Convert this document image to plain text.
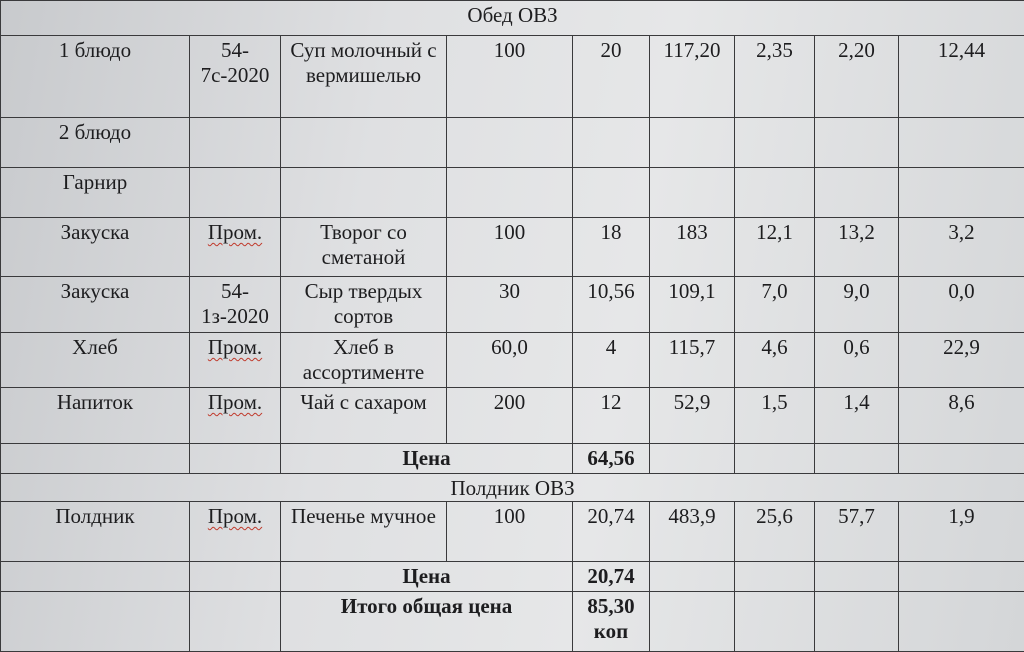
Обед ОВЗ								
1 блюдо	54-7с-2020	Суп молочный с вермишелью	100	20	117,20	2,35	2,20	12,44
2 блюдо								
Гарнир								
Закуска	Пром.	Творог со сметаной	100	18	183	12,1	13,2	3,2
Закуска	54-1з-2020	Сыр твердых сортов	30	10,56	109,1	7,0	9,0	0,0
Хлеб	Пром.	Хлеб в ассортименте	60,0	4	115,7	4,6	0,6	22,9
Напиток	Пром.	Чай с сахаром	200	12	52,9	1,5	1,4	8,6
		Цена		64,56				
Полдник ОВЗ								
Полдник	Пром.	Печенье мучное	100	20,74	483,9	25,6	57,7	1,9
		Цена		20,74				
		Итого общая цена		85,30 коп				
